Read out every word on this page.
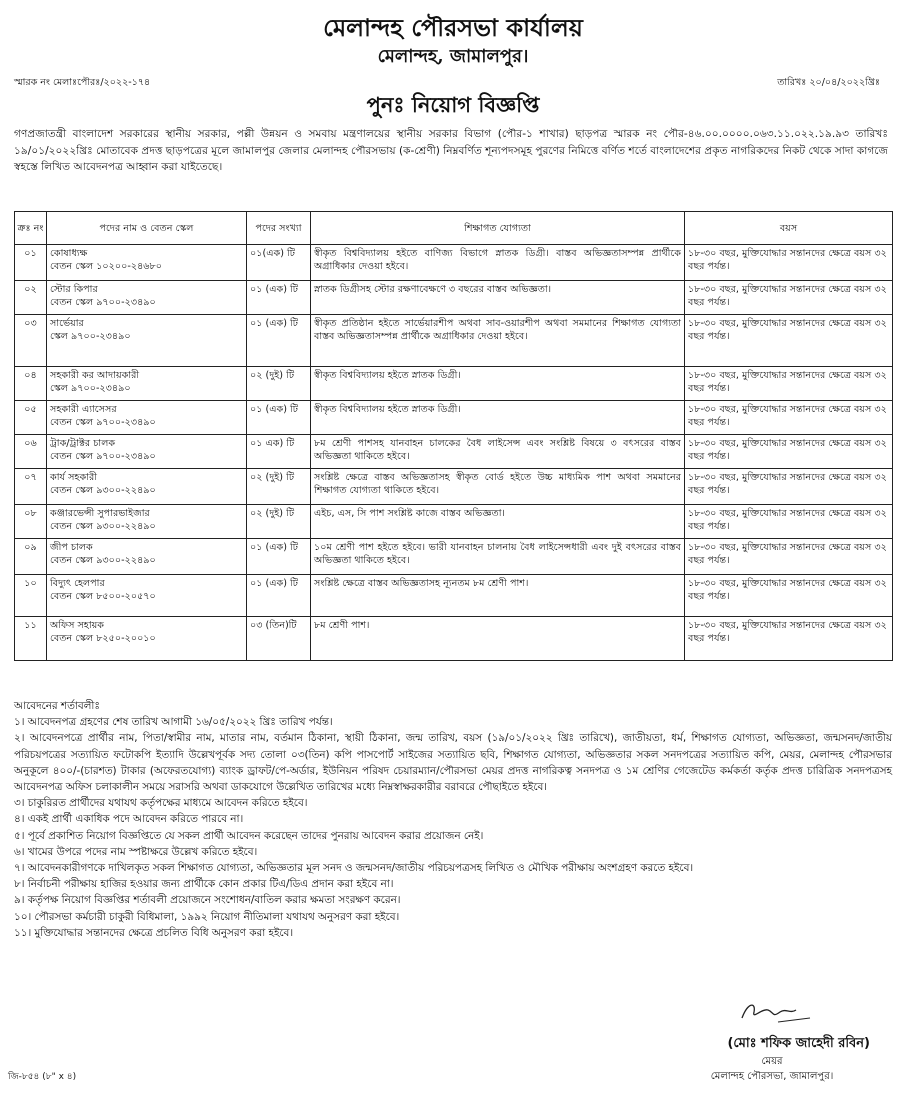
মেলান্দহ পৌরসভা কার্যালয়
মেলান্দহ, জামালপুর।
স্মারক নং মেলাঃপৌরঃ/২০২২-১৭৪	তারিখঃ ২০/০৪/২০২২খ্রিঃ
পুনঃ নিয়োগ বিজ্ঞপ্তি
গণপ্রজাতন্ত্রী বাংলাদেশ সরকারের স্থানীয় সরকার, পল্লী উন্নয়ন ও সমবায় মন্ত্রণালয়ের স্থানীয় সরকার বিভাগ (পৌর-১ শাখার) ছাড়পত্র স্মারক নং পৌর-৪৬.০০.০০০০.০৬৩.১১.০২২.১৯.৯৩ তারিখঃ ১৯/০১/২০২২খ্রিঃ মোতাবেক প্রদত্ত ছাড়পত্রের মূলে জামালপুর জেলার মেলান্দহ পৌরসভায় (ক-শ্রেণী) নিম্নবর্ণিত শূন্যপদসমূহ পুরণের নিমিত্তে বর্ণিত শর্তে বাংলাদেশের প্রকৃত নাগরিকদের নিকট থেকে সাদা কাগজে স্বহস্তে লিখিত আবেদনপত্র আহ্বান করা যাইতেছে।
ক্রঃ নং	পদের নাম ও বেতন স্কেল	পদের সংখ্যা	শিক্ষাগত যোগ্যতা	বয়স
০১	কোষাধ্যক্ষ
বেতন স্কেল ১০২০০-২৪৬৮০	০১(এক) টি	স্বীকৃত বিশ্ববিদ্যালয় হইতে বাণিজ্য বিভাগে স্নাতক ডিগ্রী। বাস্তব অভিজ্ঞতাসম্পন্ন প্রার্থীকে অগ্রাধিকার দেওয়া হইবে।	১৮-৩০ বছর, মুক্তিযোদ্ধার সন্তানদের ক্ষেত্রে বয়স ৩২ বছর পর্যন্ত।
০২	স্টোর কিপার
বেতন স্কেল ৯৭০০-২৩৪৯০	০১ (এক) টি	স্নাতক ডিগ্রীসহ স্টোর রক্ষণাবেক্ষণে ৩ বছরের বাস্তব অভিজ্ঞতা।	১৮-৩০ বছর, মুক্তিযোদ্ধার সন্তানদের ক্ষেত্রে বয়স ৩২ বছর পর্যন্ত।
০৩	সার্ভেয়ার
স্কেল ৯৭০০-২৩৪৯০	০১ (এক) টি	স্বীকৃত প্রতিষ্ঠান হইতে সার্ভেয়ারশীপ অথবা সাব-ওয়ারশীপ অথবা সমমানের শিক্ষাগত যোগ্যতা বাস্তব অভিজ্ঞতাসম্পন্ন প্রার্থীকে অগ্রাধিকার দেওয়া হইবে।	১৮-৩০ বছর, মুক্তিযোদ্ধার সন্তানদের ক্ষেত্রে বয়স ৩২ বছর পর্যন্ত।
০৪	সহকারী কর আদায়কারী
স্কেল ৯৭০০-২৩৪৯০	০২ (দুই) টি	স্বীকৃত বিশ্ববিদ্যালয় হইতে স্নাতক ডিগ্রী।	১৮-৩০ বছর, মুক্তিযোদ্ধার সন্তানদের ক্ষেত্রে বয়স ৩২ বছর পর্যন্ত।
০৫	সহকারী এ্যাসেসর
বেতন স্কেল ৯৭০০-২৩৪৯০	০১ (এক) টি	স্বীকৃত বিশ্ববিদ্যালয় হইতে স্নাতক ডিগ্রী।	১৮-৩০ বছর, মুক্তিযোদ্ধার সন্তানদের ক্ষেত্রে বয়স ৩২ বছর পর্যন্ত।
০৬	ট্রাক/ট্রাক্টর চালক
বেতন স্কেল ৯৭০০-২৩৪৯০	০১ এক) টি	৮ম শ্রেণী পাশসহ যানবাহন চালকের বৈধ লাইসেন্স এবং সংশ্লিষ্ট বিষয়ে ৩ বৎসরের বাস্তব অভিজ্ঞতা থাকিতে হইবে।	১৮-৩০ বছর, মুক্তিযোদ্ধার সন্তানদের ক্ষেত্রে বয়স ৩২ বছর পর্যন্ত।
০৭	কার্য সহকারী
বেতন স্কেল ৯৩০০-২২৪৯০	০২ (দুই) টি	সংশ্লিষ্ট ক্ষেত্রে বাস্তব অভিজ্ঞতাসহ স্বীকৃত বোর্ড হইতে উচ্চ মাধ্যমিক পাশ অথবা সমমানের শিক্ষাগত যোগ্যতা থাকিতে হইবে।	১৮-৩০ বছর, মুক্তিযোদ্ধার সন্তানদের ক্ষেত্রে বয়স ৩২ বছর পর্যন্ত।
০৮	কঞ্জারভেন্সী সুপারভাইজার
বেতন স্কেল ৯৩০০-২২৪৯০	০২ (দুই) টি	এইচ, এস, সি পাশ সংশ্লিষ্ট কাজে বাস্তব অভিজ্ঞতা।	১৮-৩০ বছর, মুক্তিযোদ্ধার সন্তানদের ক্ষেত্রে বয়স ৩২ বছর পর্যন্ত।
০৯	জীপ চালক
বেতন স্কেল ৯৩০০-২২৪৯০	০১ (এক) টি	১০ম শ্রেণী পাশ হইতে হইবে। ভারী যানবাহন চালনায় বৈধ লাইসেন্সধারী এবং দুই বৎসরের বাস্তব অভিজ্ঞতা থাকিতে হইবে।	১৮-৩০ বছর, মুক্তিযোদ্ধার সন্তানদের ক্ষেত্রে বয়স ৩২ বছর পর্যন্ত।
১০	বিদ্যুৎ হেলপার
বেতন স্কেল ৮৫০০-২০৫৭০	০১ (এক) টি	সংশ্লিষ্ট ক্ষেত্রে বাস্তব অভিজ্ঞতাসহ ন্যূনতম ৮ম শ্রেণী পাশ।	১৮-৩০ বছর, মুক্তিযোদ্ধার সন্তানদের ক্ষেত্রে বয়স ৩২ বছর পর্যন্ত।
১১	অফিস সহায়ক
বেতন স্কেল ৮২৫০-২০০১০	০৩ (তিন)টি	৮ম শ্রেণী পাশ।	১৮-৩০ বছর, মুক্তিযোদ্ধার সন্তানদের ক্ষেত্রে বয়স ৩২ বছর পর্যন্ত।

আবেদনের শর্তাবলীঃ

১। আবেদনপত্র গ্রহণের শেষ তারিখ আগামী ১৬/০৫/২০২২ খ্রিঃ তারিখ পর্যন্ত।

২। আবেদনপত্রে প্রার্থীর নাম, পিতা/স্বামীর নাম, মাতার নাম, বর্তমান ঠিকানা, স্থায়ী ঠিকানা, জন্ম তারিখ, বয়স (১৯/০১/২০২২ খ্রিঃ তারিখে), জাতীয়তা, ধর্ম, শিক্ষাগত যোগ্যতা, অভিজ্ঞতা, জন্মসনদ/জাতীয় পরিচয়পত্রের সত্যায়িত ফটোকপি ইত্যাদি উল্লেখপূর্বক সদ্য তোলা ০৩(তিন) কপি পাসপোর্ট সাইজের সত্যায়িত ছবি, শিক্ষাগত যোগ্যতা, অভিজ্ঞতার সকল সনদপত্রের সত্যায়িত কপি, মেয়র, মেলান্দহ পৌরসভার অনুকূলে ৪০০/-(চারশত) টাকার (অফেরতযোগ্য) ব্যাংক ড্রাফট/পে-অর্ডার, ইউনিয়ন পরিষদ চেয়ারম্যান/পৌরসভা মেয়র প্রদত্ত নাগরিকত্ব সনদপত্র ও ১ম শ্রেণির গেজেটেড কর্মকর্তা কর্তৃক প্রদত্ত চারিত্রিক সনদপত্রসহ আবেদনপত্র অফিস চলাকালীন সময়ে সরাসরি অথবা ডাকযোগে উল্লেখিত তারিখের মধ্যে নিম্নস্বাক্ষরকারীর বরাবরে পৌছাইতে হইবে।

৩। চাকুরিরত প্রার্থীদের যথাযথ কর্তৃপক্ষের মাধ্যমে আবেদন করিতে হইবে।

৪। একই প্রার্থী একাধিক পদে আবেদন করিতে পারবে না।

৫। পূর্বে প্রকাশিত নিয়োগ বিজ্ঞপ্তিতে যে সকল প্রার্থী আবেদন করেছেন তাদের পুনরায় আবেদন করার প্রয়োজন নেই।

৬। খামের উপরে পদের নাম স্পষ্টাক্ষরে উল্লেখ করিতে হইবে।

৭। আবেদনকারীগণকে দাখিলকৃত সকল শিক্ষাগত যোগ্যতা, অভিজ্ঞতার মূল সনদ ও জন্মসনদ/জাতীয় পরিচয়পত্রসহ লিখিত ও মৌখিক পরীক্ষায় অংশগ্রহণ করতে হইবে।

৮। নির্বাচনী পরীক্ষায় হাজির হওয়ার জন্য প্রার্থীকে কোন প্রকার টিএ/ডিএ প্রদান করা হইবে না।

৯। কর্তৃপক্ষ নিয়োগ বিজ্ঞপ্তির শর্তাবলী প্রয়োজনে সংশোধন/বাতিল করার ক্ষমতা সংরক্ষণ করেন।

১০। পৌরসভা কর্মচারী চাকুরী বিধিমালা, ১৯৯২ নিয়োগ নীতিমালা যথাযথ অনুসরণ করা হইবে।

১১। মুক্তিযোদ্ধার সন্তানদের ক্ষেত্রে প্রচলিত বিধি অনুসরণ করা হইবে।

(মোঃ শফিক জাহেদী রবিন)
মেয়র
মেলান্দহ পৌরসভা, জামালপুর।
জি-৮৫৪ (৮" x ৪)
